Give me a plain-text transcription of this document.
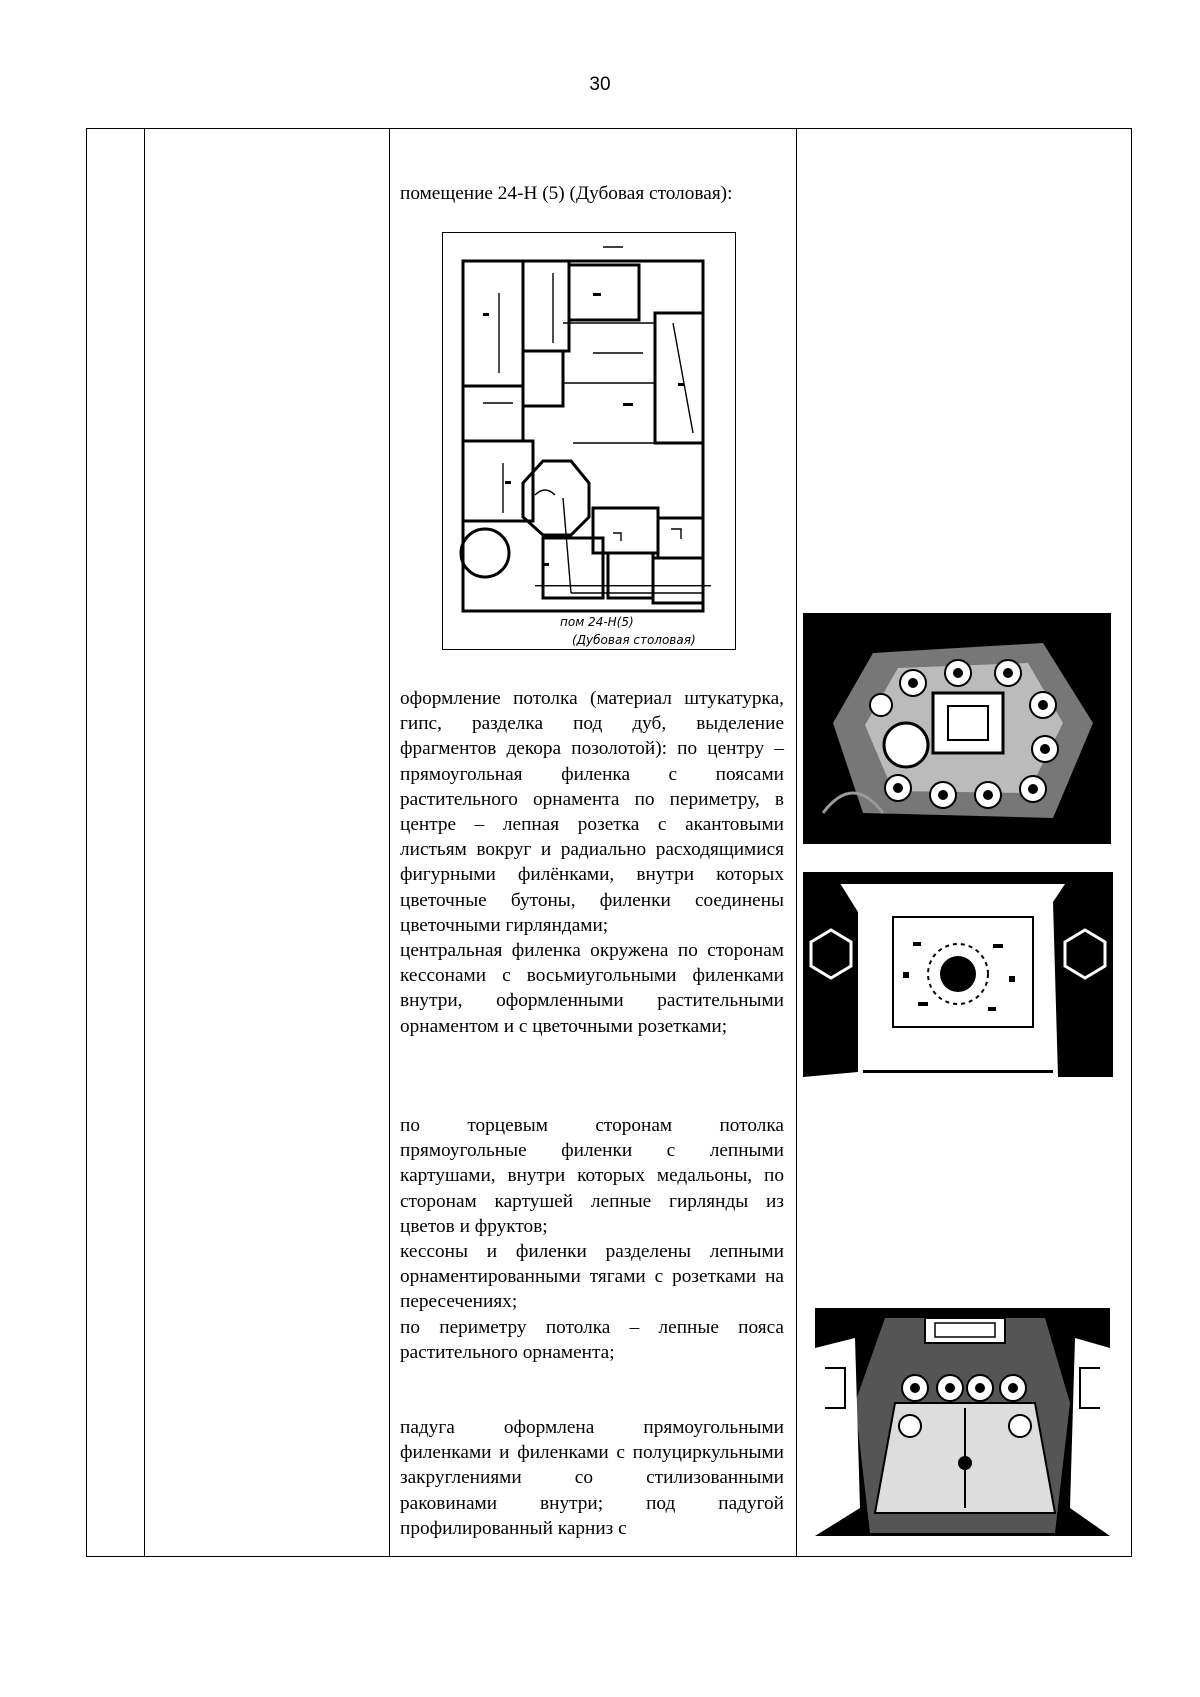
30
помещение 24-Н (5) (Дубовая столовая):
пом 24-Н(5)
(Дубовая столовая)

оформление потолка (материал штукатурка, гипс, разделка под дуб, выделение фрагментов декора позолотой): по центру – прямоугольная филенка с поясами растительного орнамента по периметру, в центре – лепная розетка с акантовыми листьям вокруг и радиально расходящимися фигурными филёнками, внутри которых цветочные бутоны, филенки соединены цветочными гирляндами;

центральная филенка окружена по сторонам кессонами с восьмиугольными филенками внутри, оформленными растительными орнаментом и с цветочными розетками;

по торцевым сторонам потолка прямоугольные филенки с лепными картушами, внутри которых медальоны, по сторонам картушей лепные гирлянды из цветов и фруктов;

кессоны и филенки разделены лепными орнаментированными тягами с розетками на пересечениях;

по периметру потолка – лепные пояса растительного орнамента;

падуга оформлена прямоугольными филенками и филенками с полуциркульными закруглениями со стилизованными раковинами внутри; под падугой профилированный карниз с
